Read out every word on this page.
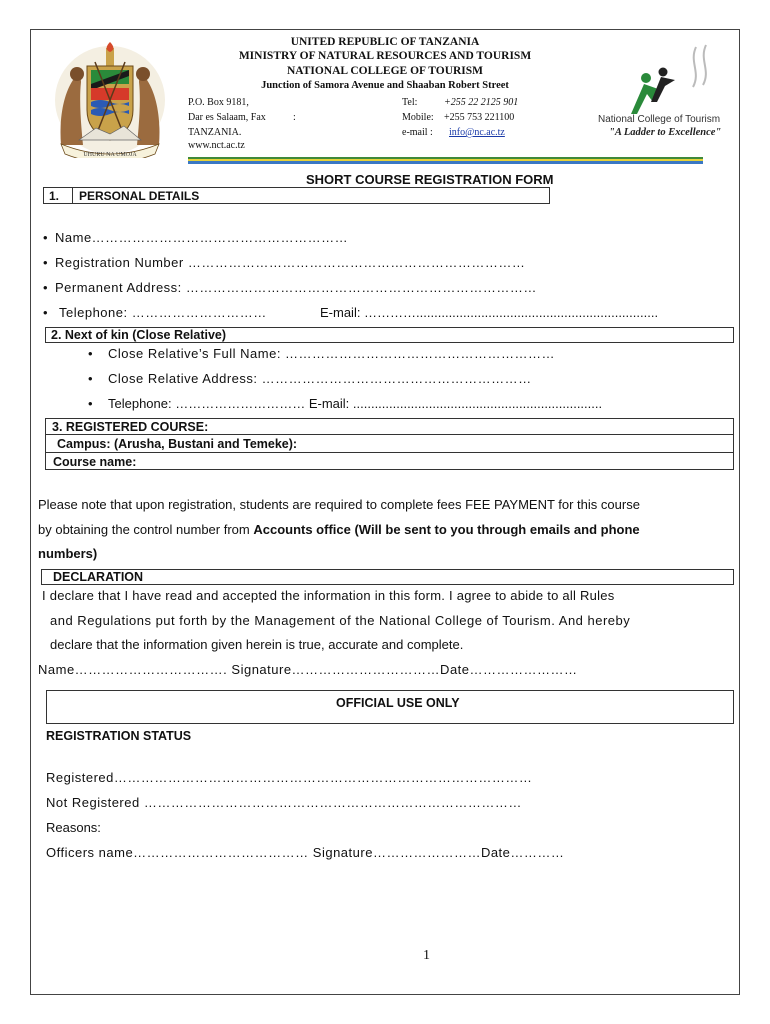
UHURU NA UMOJA
UNITED REPUBLIC OF TANZANIA
MINISTRY OF NATURAL RESOURCES AND TOURISM
NATIONAL COLLEGE OF TOURISM
Junction of Samora Avenue and Shaaban Robert Street
P.O. Box 9181,
Dar es Salaam, Fax	:
TANZANIA.
www.nct.ac.tz
Tel:	+255 22 2125 901
Mobile: +255 753 221100
e-mail : info@nc.ac.tz
National College of Tourism
"A Ladder to Excellence"
SHORT COURSE REGISTRATION FORM
1. PERSONAL DETAILS
• Name…………………………………………………
• Registration Number …………………………………………………………………
• Permanent Address: ……………………………………………………………………
• Telephone: …………………………	E-mail: …………...................................................................
2. Next of kin (Close Relative)
• Close Relative’s Full Name: ……………………………………………………
• Close Relative Address: ……………………………………………………
• Telephone: ………………………… E-mail: .....................................................................
3. REGISTERED COURSE:
Campus: (Arusha, Bustani and Temeke):
Course name:
Please note that upon registration, students are required to complete fees FEE PAYMENT for this course
by obtaining the control number from Accounts office (Will be sent to you through emails and phone
numbers)
DECLARATION
I declare that I have read and accepted the information in this form. I agree to abide to all Rules
and Regulations put forth by the Management of the National College of Tourism. And hereby
declare that the information given herein is true, accurate and complete.
Name……………………………. Signature……………………………Date……………………
OFFICIAL USE ONLY
REGISTRATION STATUS
Registered…………………………………………………………………………………
Not Registered …………………………………………………………………………
Reasons:
Officers name………………………………… Signature……………………Date…………
1
